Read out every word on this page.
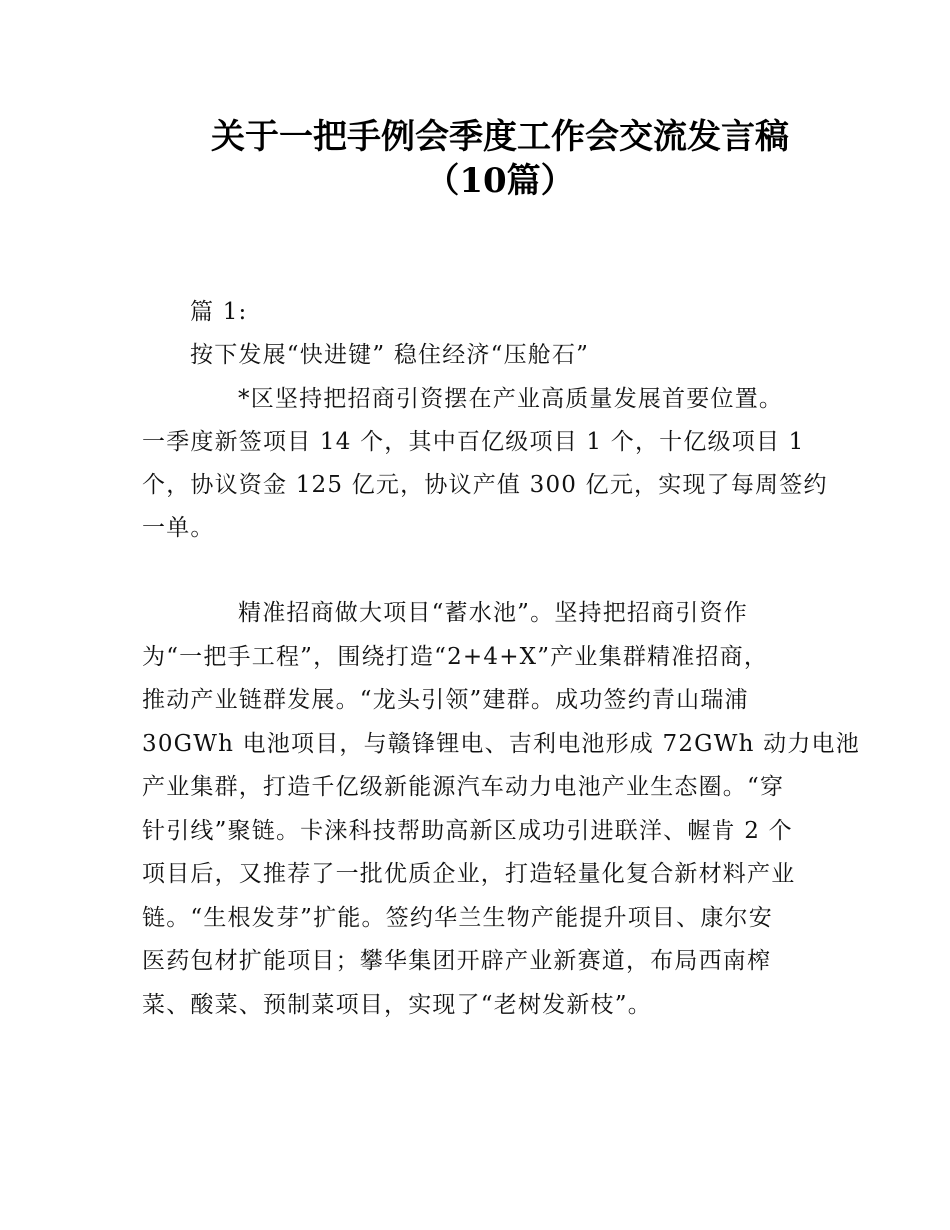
关于一把手例会季度工作会交流发言稿
（10篇）
篇 1:
按下发展“快进键” 稳住经济“压舱石”
*区坚持把招商引资摆在产业高质量发展首要位置。
一季度新签项目 14 个，其中百亿级项目 1 个，十亿级项目 1
个，协议资金 125 亿元，协议产值 300 亿元，实现了每周签约
一单。
精准招商做大项目“蓄水池”。坚持把招商引资作
为“一把手工程”，围绕打造“2+4+X”产业集群精准招商，
推动产业链群发展。“龙头引领”建群。成功签约青山瑞浦
30GWh 电池项目，与赣锋锂电、吉利电池形成 72GWh 动力电池
产业集群，打造千亿级新能源汽车动力电池产业生态圈。“穿
针引线”聚链。卡涞科技帮助高新区成功引进联洋、幄肯 2 个
项目后，又推荐了一批优质企业，打造轻量化复合新材料产业
链。“生根发芽”扩能。签约华兰生物产能提升项目、康尔安
医药包材扩能项目；攀华集团开辟产业新赛道，布局西南榨
菜、酸菜、预制菜项目，实现了“老树发新枝”。
